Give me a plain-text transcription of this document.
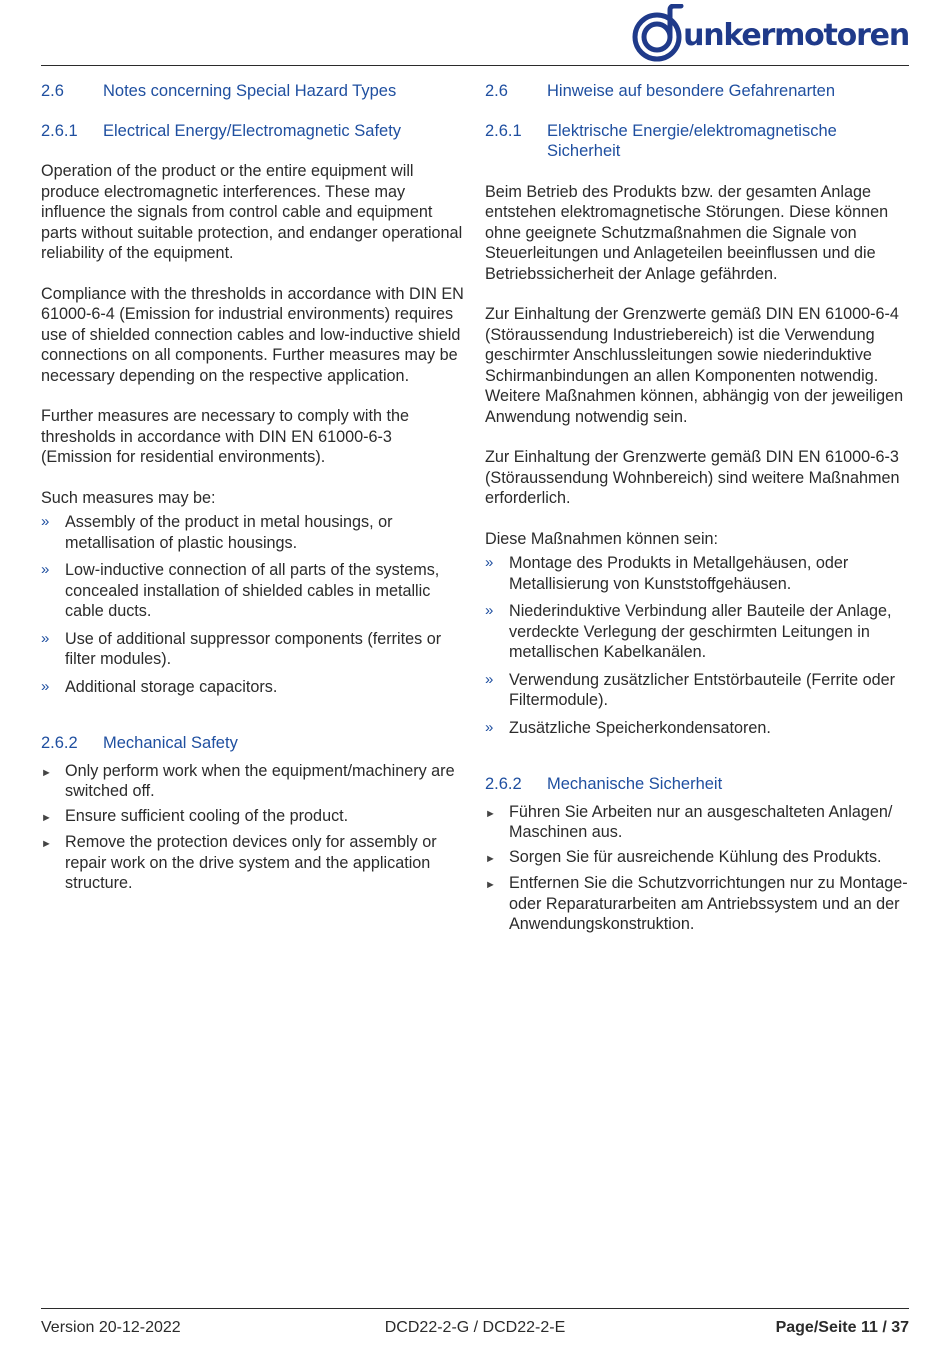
unkermotoren
2.6	Notes concerning Special Hazard Types
2.6.1	Electrical Energy/Electromagnetic Safety

Operation of the product or the entire equipment will produce electromagnetic interferences. These may influence the signals from control cable and equipment parts without suitable protection, and endanger operational reliability of the equipment.

Compliance with the thresholds in accordance with DIN EN 61000-6-4 (Emission for industrial environments) requires use of shielded connection cables and low-inductive shield connections on all components. Further measures may be necessary depending on the respective application.

Further measures are necessary to comply with the thresholds in accordance with DIN EN 61000-6-3 (Emission for residential environments).

Such measures may be:

» Assembly of the product in metal housings, or metallisation of plastic housings.
» Low-inductive connection of all parts of the systems, concealed installation of shielded cables in metallic cable ducts.
» Use of additional suppressor components (ferrites or filter modules).
» Additional storage capacitors.
2.6.2	Mechanical Safety
► Only perform work when the equipment/machinery are switched off.
► Ensure sufficient cooling of the product.
► Remove the protection devices only for assembly or repair work on the drive system and the application structure.
2.6	Hinweise auf besondere Gefahrenarten
2.6.1	Elektrische Energie/elektromagnetische Sicherheit

Beim Betrieb des Produkts bzw. der gesamten Anlage entstehen elektromagnetische Störungen. Diese können ohne geeignete Schutzmaßnahmen die Signale von Steuerleitungen und Anlageteilen beeinflussen und die Betriebssicherheit der Anlage gefährden.

Zur Einhaltung der Grenzwerte gemäß DIN EN 61000-6-4 (Störaussendung Industriebereich) ist die Verwendung geschirmter Anschlussleitungen sowie niederinduktive Schirmanbindungen an allen Komponenten notwendig. Weitere Maßnahmen können, abhängig von der jeweiligen Anwendung notwendig sein.

Zur Einhaltung der Grenzwerte gemäß DIN EN 61000-6-3 (Störaussendung Wohnbereich) sind weitere Maßnahmen erforderlich.

Diese Maßnahmen können sein:

» Montage des Produkts in Metallgehäusen, oder Metallisierung von Kunststoffgehäusen.
» Niederinduktive Verbindung aller Bauteile der Anlage, verdeckte Verlegung der geschirmten Leitungen in metallischen Kabelkanälen.
» Verwendung zusätzlicher Entstörbauteile (Ferrite oder Filtermodule).
» Zusätzliche Speicherkondensatoren.
2.6.2	Mechanische Sicherheit
► Führen Sie Arbeiten nur an ausgeschalteten Anlagen/ Maschinen aus.
► Sorgen Sie für ausreichende Kühlung des Produkts.
► Entfernen Sie die Schutzvorrichtungen nur zu Montage- oder Reparaturarbeiten am Antriebssystem und an der Anwendungskonstruktion.
Version 20-12-2022	DCD22-2-G / DCD22-2-E	Page/Seite 11 / 37
